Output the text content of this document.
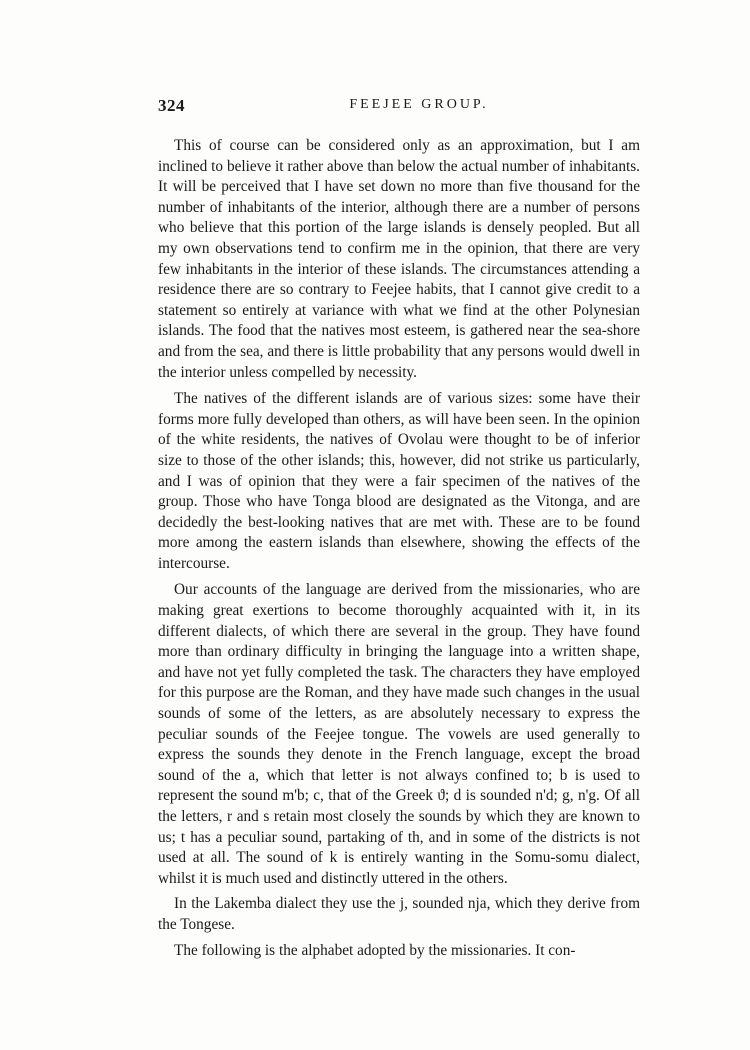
324	FEEJEE GROUP.

This of course can be considered only as an approximation, but I am inclined to believe it rather above than below the actual number of inhabitants. It will be perceived that I have set down no more than five thousand for the number of inhabitants of the interior, although there are a number of persons who believe that this portion of the large islands is densely peopled. But all my own observations tend to confirm me in the opinion, that there are very few inhabitants in the interior of these islands. The circumstances attending a residence there are so contrary to Feejee habits, that I cannot give credit to a statement so entirely at variance with what we find at the other Polynesian islands. The food that the natives most esteem, is gathered near the sea-shore and from the sea, and there is little probability that any persons would dwell in the interior unless compelled by necessity.

The natives of the different islands are of various sizes: some have their forms more fully developed than others, as will have been seen. In the opinion of the white residents, the natives of Ovolau were thought to be of inferior size to those of the other islands; this, however, did not strike us particularly, and I was of opinion that they were a fair specimen of the natives of the group. Those who have Tonga blood are designated as the Vitonga, and are decidedly the best-looking natives that are met with. These are to be found more among the eastern islands than elsewhere, showing the effects of the intercourse.

Our accounts of the language are derived from the missionaries, who are making great exertions to become thoroughly acquainted with it, in its different dialects, of which there are several in the group. They have found more than ordinary difficulty in bringing the language into a written shape, and have not yet fully completed the task. The characters they have employed for this purpose are the Roman, and they have made such changes in the usual sounds of some of the letters, as are absolutely necessary to express the peculiar sounds of the Feejee tongue. The vowels are used generally to express the sounds they denote in the French language, except the broad sound of the a, which that letter is not always confined to; b is used to represent the sound m'b; c, that of the Greek ϑ; d is sounded n'd; g, n'g. Of all the letters, r and s retain most closely the sounds by which they are known to us; t has a peculiar sound, partaking of th, and in some of the districts is not used at all. The sound of k is entirely wanting in the Somu-somu dialect, whilst it is much used and distinctly uttered in the others.

In the Lakemba dialect they use the j, sounded nja, which they derive from the Tongese.

The following is the alphabet adopted by the missionaries. It con-
